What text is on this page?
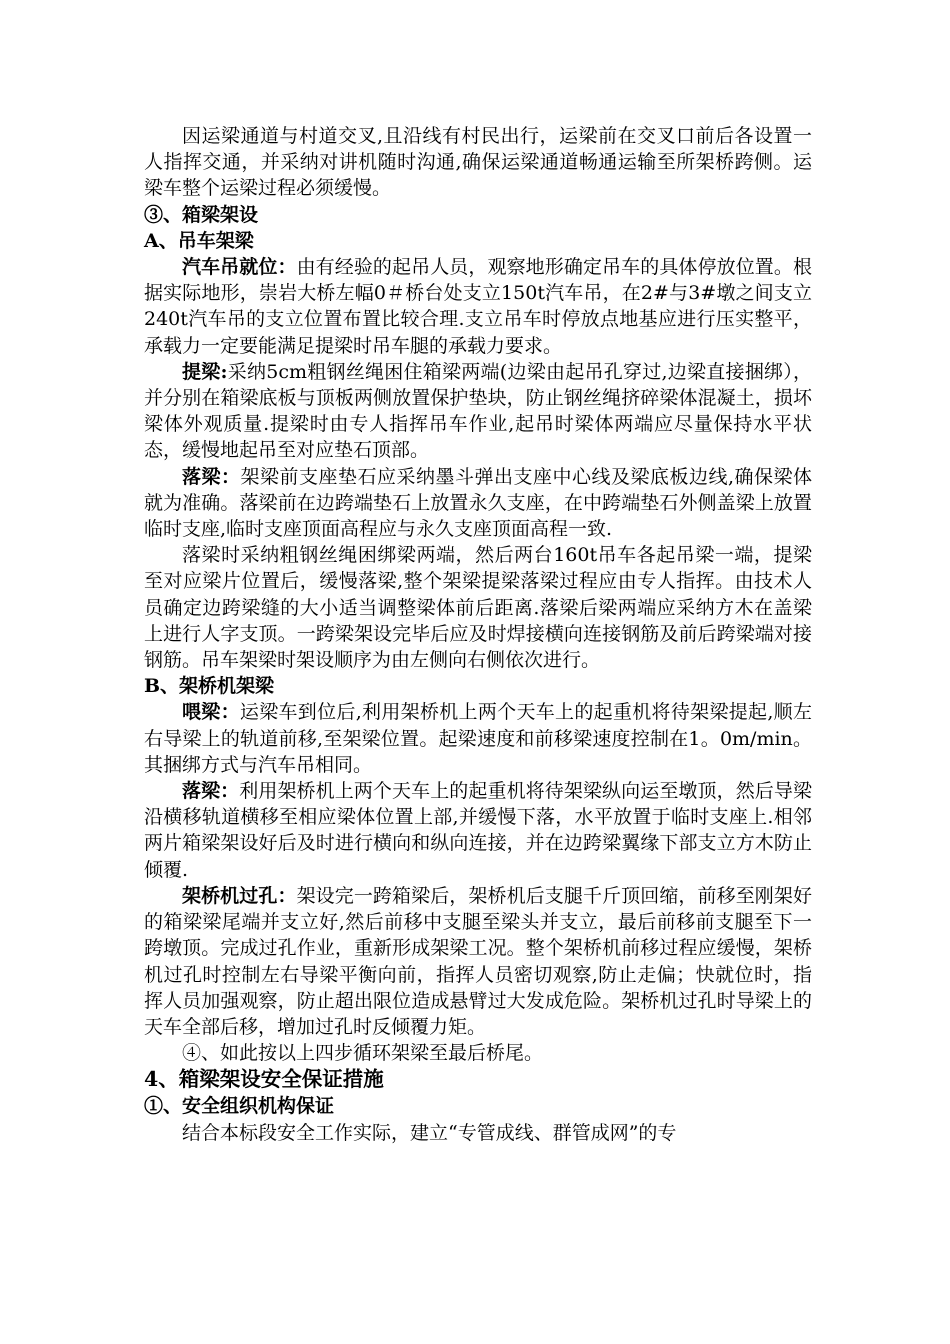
因运梁通道与村道交叉,且沿线有村民出行，运梁前在交叉口前后各设置一人指挥交通，并采纳对讲机随时沟通,确保运梁通道畅通运输至所架桥跨侧。运梁车整个运梁过程必须缓慢。

③、箱梁架设

A、吊车架梁

汽车吊就位：由有经验的起吊人员，观察地形确定吊车的具体停放位置。根据实际地形，崇岩大桥左幅0＃桥台处支立150t汽车吊，在2#与3#墩之间支立240t汽车吊的支立位置布置比较合理.支立吊车时停放点地基应进行压实整平，承载力一定要能满足提梁时吊车腿的承载力要求。

提梁:采纳5cm粗钢丝绳困住箱梁两端(边梁由起吊孔穿过,边梁直接捆绑），并分别在箱梁底板与顶板两侧放置保护垫块，防止钢丝绳挤碎梁体混凝土，损坏梁体外观质量.提梁时由专人指挥吊车作业,起吊时梁体两端应尽量保持水平状态，缓慢地起吊至对应垫石顶部。

落梁：架梁前支座垫石应采纳墨斗弹出支座中心线及梁底板边线,确保梁体就为准确。落梁前在边跨端垫石上放置永久支座，在中跨端垫石外侧盖梁上放置临时支座,临时支座顶面高程应与永久支座顶面高程一致.

落梁时采纳粗钢丝绳困绑梁两端，然后两台160t吊车各起吊梁一端，提梁至对应梁片位置后，缓慢落梁,整个架梁提梁落梁过程应由专人指挥。由技术人员确定边跨梁缝的大小适当调整梁体前后距离.落梁后梁两端应采纳方木在盖梁上进行人字支顶。一跨梁架设完毕后应及时焊接横向连接钢筋及前后跨梁端对接钢筋。吊车架梁时架设顺序为由左侧向右侧依次进行。

B、架桥机架梁

喂梁：运梁车到位后,利用架桥机上两个天车上的起重机将待架梁提起,顺左右导梁上的轨道前移,至架梁位置。起梁速度和前移梁速度控制在1。0m/min。其捆绑方式与汽车吊相同。

落梁：利用架桥机上两个天车上的起重机将待架梁纵向运至墩顶，然后导梁沿横移轨道横移至相应梁体位置上部,并缓慢下落，水平放置于临时支座上.相邻两片箱梁架设好后及时进行横向和纵向连接，并在边跨梁翼缘下部支立方木防止倾覆.

架桥机过孔：架设完一跨箱梁后，架桥机后支腿千斤顶回缩，前移至刚架好的箱梁梁尾端并支立好,然后前移中支腿至梁头并支立，最后前移前支腿至下一跨墩顶。完成过孔作业，重新形成架梁工况。整个架桥机前移过程应缓慢，架桥机过孔时控制左右导梁平衡向前，指挥人员密切观察,防止走偏；快就位时，指挥人员加强观察，防止超出限位造成悬臂过大发成危险。架桥机过孔时导梁上的天车全部后移，增加过孔时反倾覆力矩。

④、如此按以上四步循环架梁至最后桥尾。

4、箱梁架设安全保证措施

①、安全组织机构保证

结合本标段安全工作实际，建立“专管成线、群管成网”的专
